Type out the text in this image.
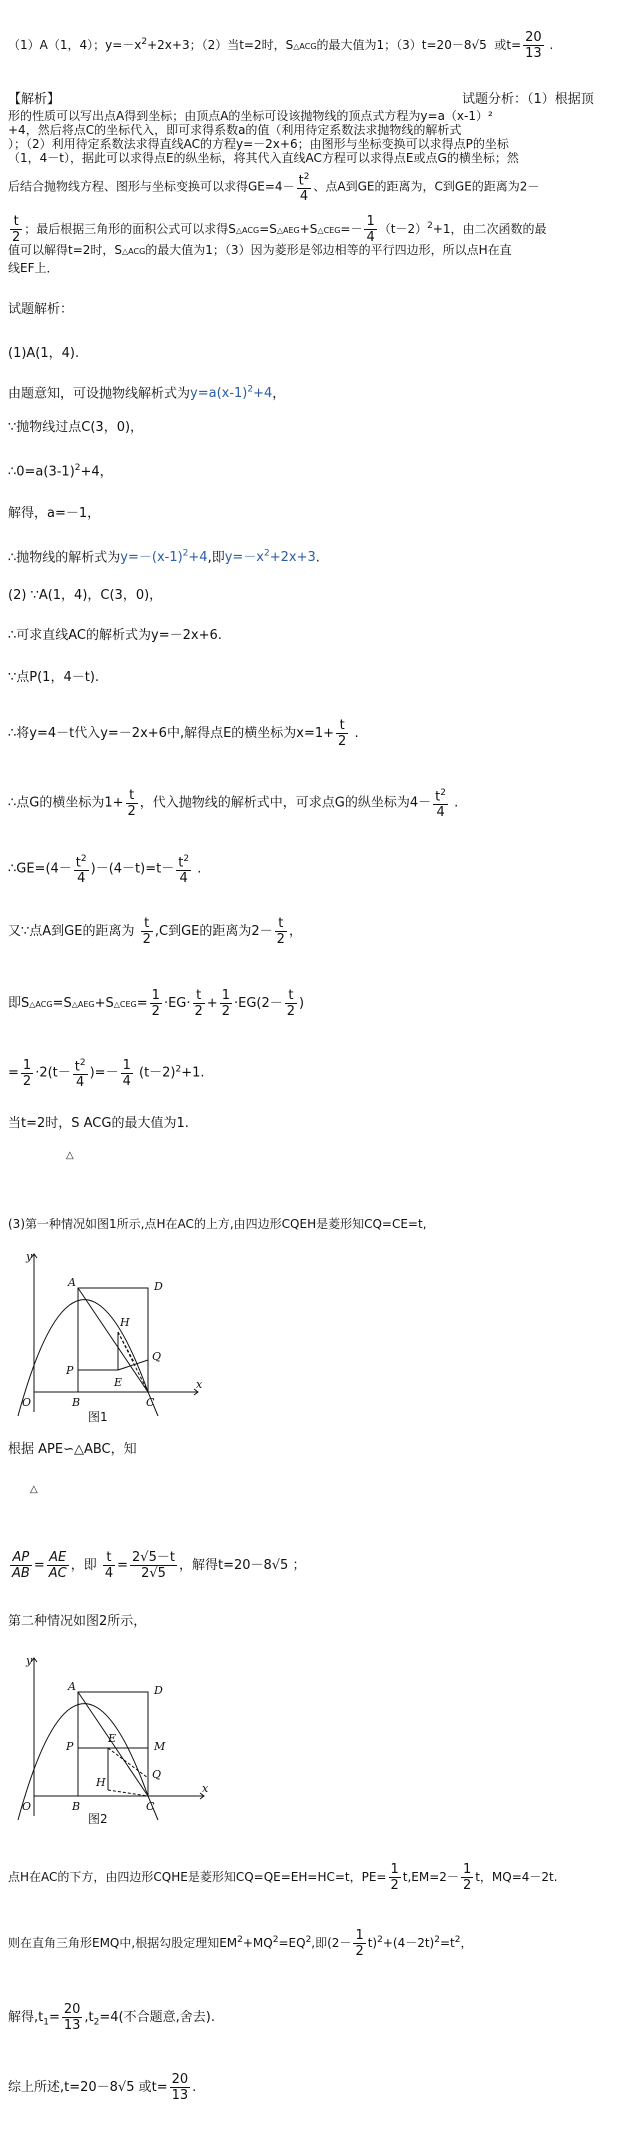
（1）A（1，4）；$y=-x^2+2x+3$；（2）当t=2时，S△ACG的最大值为1；（3）t=20－8√5  或$t= \frac{20}{13}$ .
【解析】	试题分析：（1）根据顶
形的性质可以写出点A得到坐标；由顶点A的坐标可设该抛物线的顶点式方程为y=a（x-1）²
+4，然后将点C的坐标代入，即可求得系数a的值（利用待定系数法求抛物线的解析式
）；（2）利用待定系数法求得直线AC的方程y=－2x+6；由图形与坐标变换可以求得点P的坐标
（1，4－t），据此可以求得点E的纵坐标，将其代入直线AC方程可以求得点E或点G的横坐标；然
后结合抛物线方程、图形与坐标变换可以求得$GE=4- \frac{t^2}{4}$ 、点A到GE的距离为，C到GE的距离为2－
$\frac{t}{2}$ ；最后根据三角形的面积公式可以求得S△ACG=S△AEG+S△CEG=－ $\frac{1}{4} (t-2)^2+1$，由二次函数的最
值可以解得t=2时，S△ACG的最大值为1；（3）因为菱形是邻边相等的平行四边形，所以点H在直
线EF上．
试题解析：
(1)A(1，4).
由题意知，可设抛物线解析式为$y=a(x-1)^2+4$，
∵抛物线过点C(3，0)，
$\therefore 0=a(3-1)^2+4$，
解得，a=－1，
∴抛物线的解析式为$y=-(x-1)^2+4$,即$y=-x^2+2x+3$.
(2) ∵A(1，4)，C(3，0)，
∴可求直线AC的解析式为y=－2x+6.
∵点P(1，4－t).
∴将y=4－t代入y=－2x+6中,解得点E的横坐标为$x=1+ \frac{t}{2}$ .
∴点G的横坐标为$1+ \frac{t}{2}$ ，代入抛物线的解析式中，可求点G的纵坐标为$4- \frac{t^2}{4}$ .
∴GE=(4－ $\frac{t^2}{4} )-(4-t)=t- \frac{t^2}{4}$ .
又∵点A到GE的距离为 $\frac{t}{2} ,C$到GE的距离为$2- \frac{t}{2}$ ，
即S△ACG=S△AEG+S△CEG= $\frac{1}{2} \cdot EG\cdot \frac{t}{2} + \frac{1}{2} \cdot EG(2- \frac{t}{2}$ )
= $\frac{1}{2} \cdot 2(t- \frac{t^2}{4}$ )=－ $\frac{1}{4} (t-2)^2+1$.
当t=2时，S ACG的最大值为1.
△
(3)第一种情况如图1所示,点H在AC的上方,由四边形CQEH是菱形知CQ=CE=t,
y
x
O
A	D
H
P
E
Q
B	C
图1
根据 APE∽△ABC，知
△
$\frac{AP}{AB} = \frac{AE}{AC}$ ，即 $\frac{t}{4} = \frac{2√5-t}{2√5}$ ，解得t=20－8√5 ；
第二种情况如图2所示，
y
x
O
A	D
P
E
M
Q
H
B	C
图2
点H在AC的下方，由四边形CQHE是菱形知CQ=QE=EH=HC=t，$PE= \frac{1}{2} t,EM=2- \frac{1}{2}$ t，MQ=4－2t.
则在直角三角形EMQ中,根据勾股定理知$EM^2+MQ^2=EQ^2$,即$(2- \frac{1}{2} t)^2+(4-2t)^2=t^2$，
解得$,t_1= \frac{20}{13} ,t_2=4$(不合题意,舍去).
综上所述,t=20－8√5 或$t= \frac{20}{13}$ .
